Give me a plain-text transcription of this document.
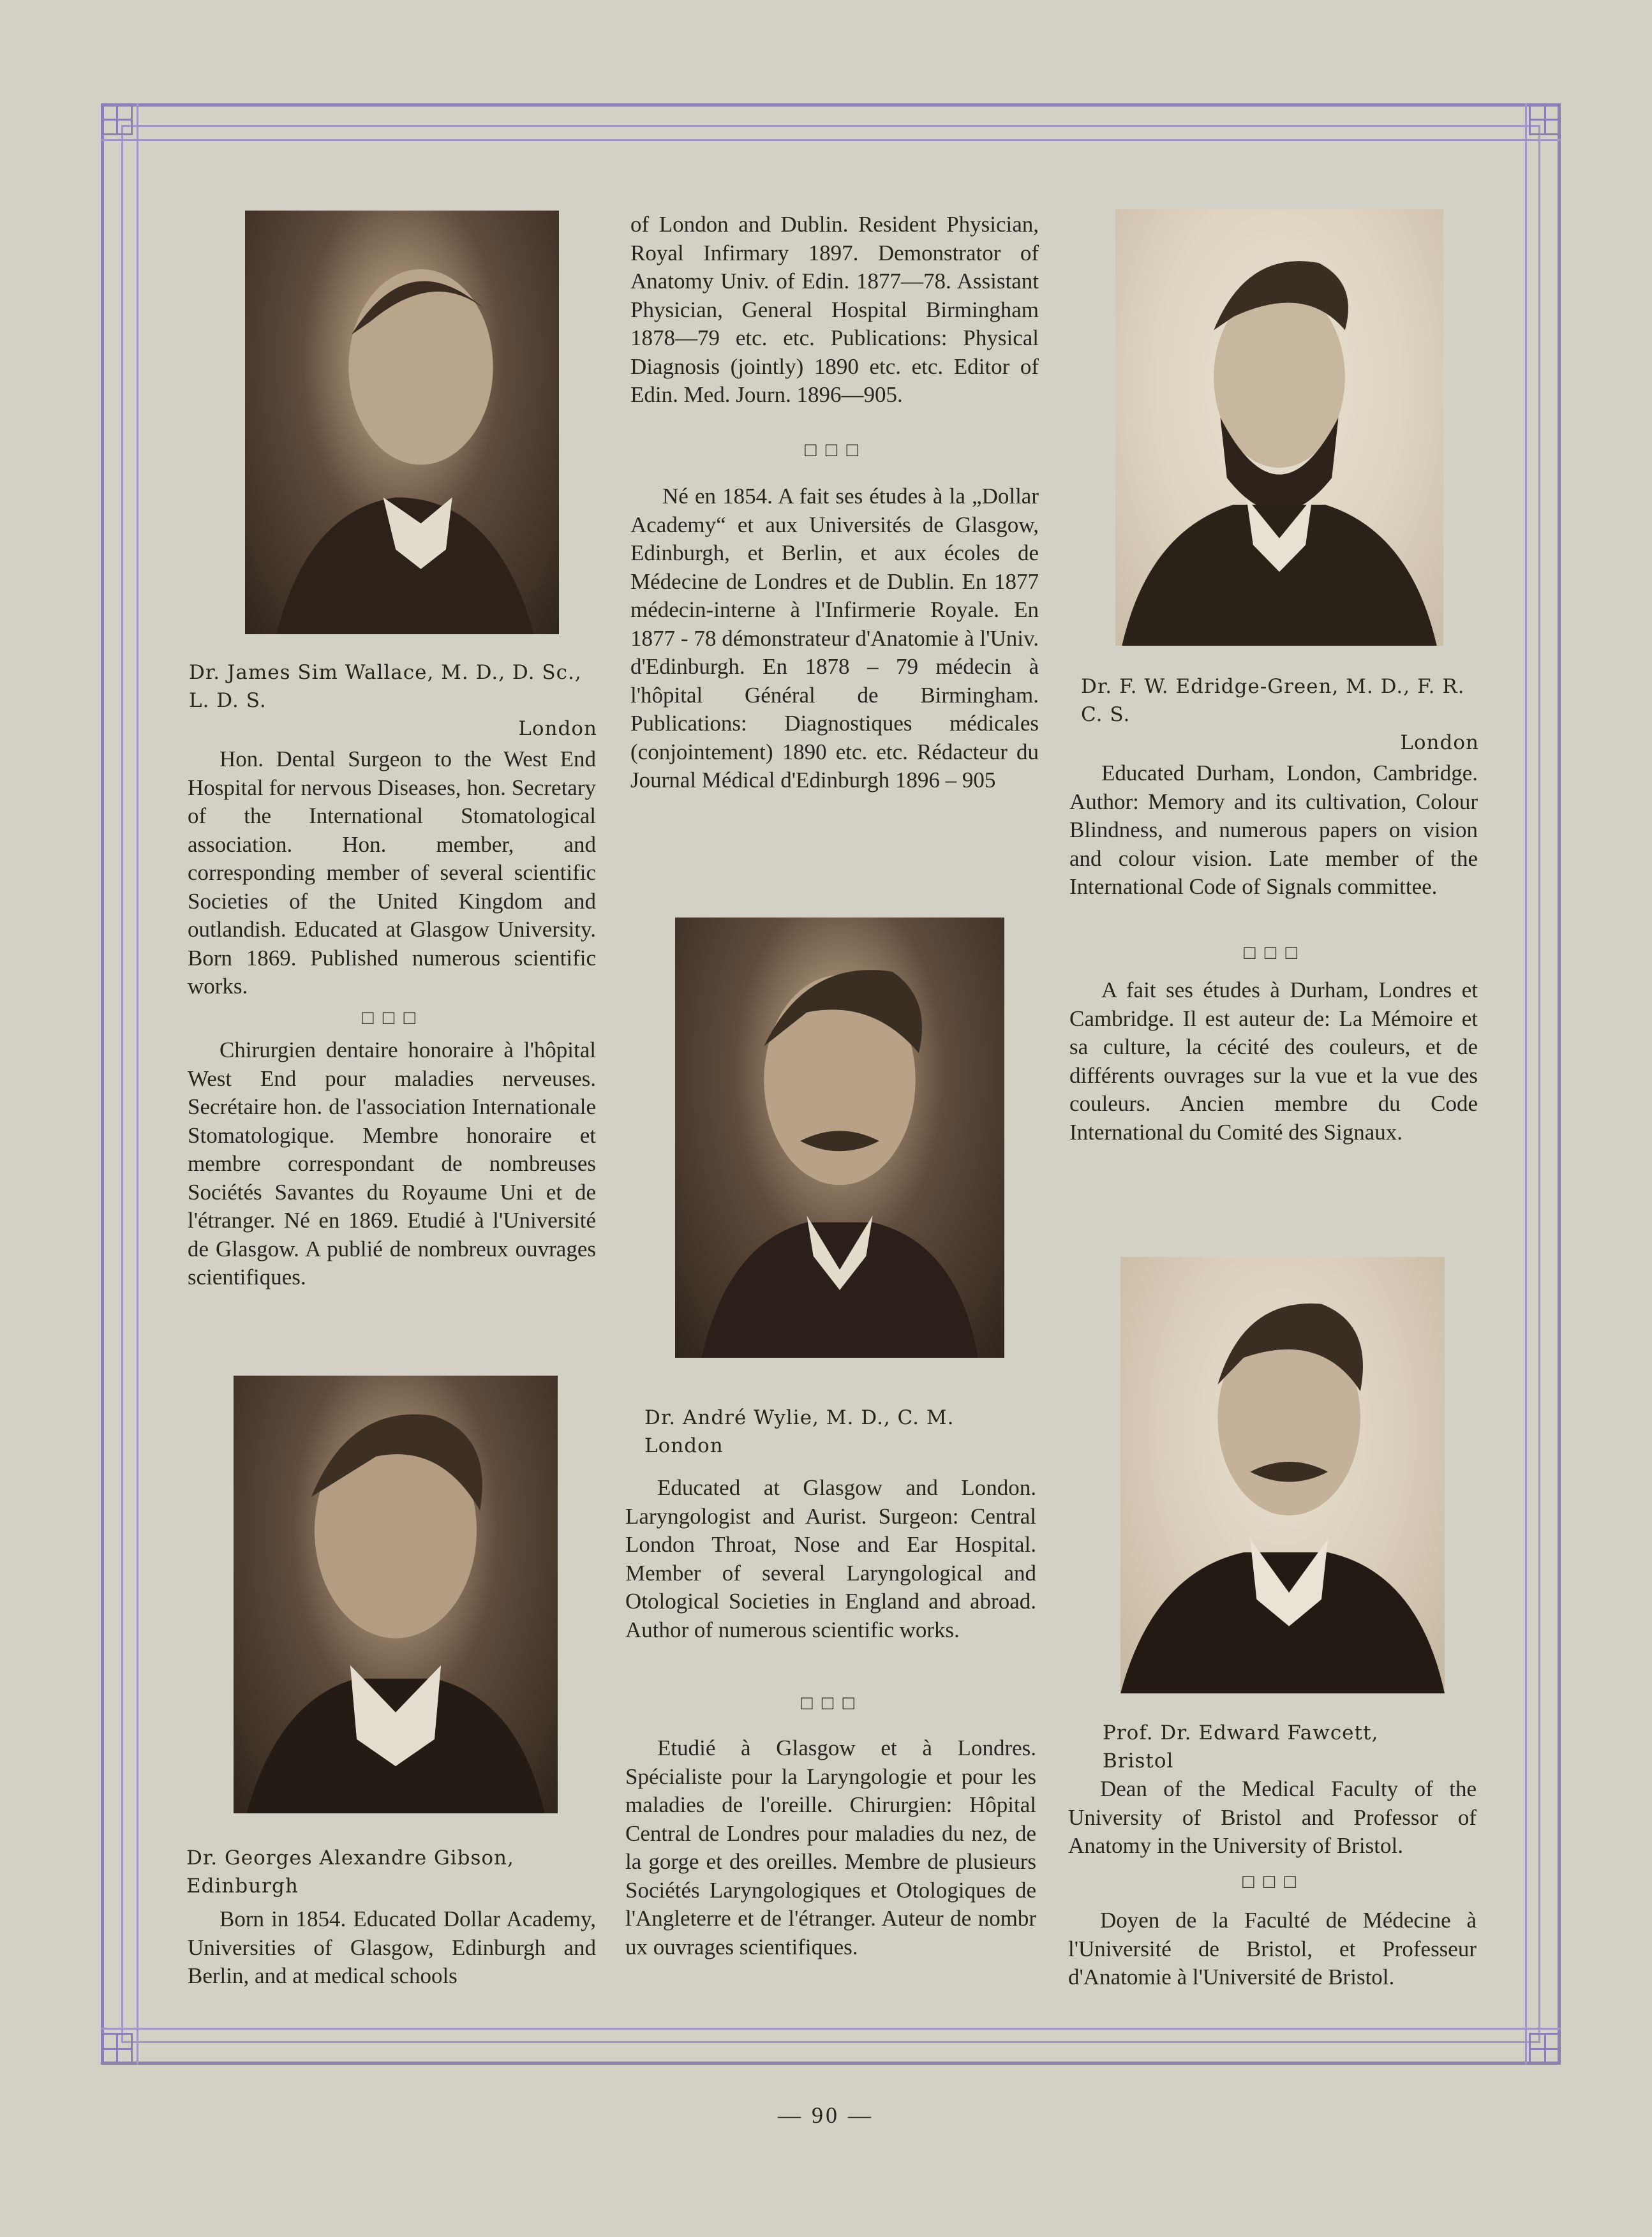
Dr. James Sim Wallace, M. D., D. Sc., L. D. S.
London

Hon. Dental Surgeon to the West End Hospital for nervous Diseases, hon. Secretary of the International Stomatological association. Hon. member, and corresponding member of several scientific Societies of the United Kingdom and outlandish. Educated at Glasgow University. Born 1869. Published numerous scientific works.

□□□

Chirurgien dentaire honoraire à l'hôpital West End pour maladies nerveuses. Secrétaire hon. de l'association Internationale Stomatologique. Membre honoraire et membre correspondant de nombreuses Sociétés Savantes du Royaume Uni et de l'étranger. Né en 1869. Etudié à l'Université de Glasgow. A publié de nombreux ouvrages scientifiques.

Dr. Georges Alexandre Gibson, Edinburgh

Born in 1854. Educated Dollar Academy, Universities of Glasgow, Edinburgh and Berlin, and at medical schools

of London and Dublin. Resident Physician, Royal Infirmary 1897. Demonstrator of Anatomy Univ. of Edin. 1877—78. Assistant Physician, General Hospital Birmingham 1878—79 etc. etc. Publications: Physical Diagnosis (jointly) 1890 etc. etc. Editor of Edin. Med. Journ. 1896—905.

□□□

Né en 1854. A fait ses études à la „Dollar Academy“ et aux Universités de Glasgow, Edinburgh, et Berlin, et aux écoles de Médecine de Londres et de Dublin. En 1877 médecin-interne à l'Infirmerie Royale. En 1877 - 78 démonstrateur d'Anatomie à l'Univ. d'Edinburgh. En 1878 – 79 médecin à l'hôpital Général de Birmingham. Publications: Diagnostiques médicales (conjointement) 1890 etc. etc. Rédacteur du Journal Médical d'Edinburgh 1896 – 905

Dr. André Wylie, M. D., C. M. London

Educated at Glasgow and London. Laryngologist and Aurist. Surgeon: Central London Throat, Nose and Ear Hospital. Member of several Laryngological and Otological Societies in England and abroad. Author of numerous scientific works.

□□□

Etudié à Glasgow et à Londres. Spécialiste pour la Laryngologie et pour les maladies de l'oreille. Chirurgien: Hôpital Central de Londres pour maladies du nez, de la gorge et des oreilles. Membre de plusieurs Sociétés Laryngologiques et Otologiques de l'Angleterre et de l'étranger. Auteur de nombr ux ouvrages scientifiques.

Dr. F. W. Edridge-Green, M. D., F. R. C. S.
London

Educated Durham, London, Cambridge. Author: Memory and its cultivation, Colour Blindness, and numerous papers on vision and colour vision. Late member of the International Code of Signals committee.

□□□

A fait ses études à Durham, Londres et Cambridge. Il est auteur de: La Mémoire et sa culture, la cécité des couleurs, et de différents ouvrages sur la vue et la vue des couleurs. Ancien membre du Code International du Comité des Signaux.

Prof. Dr. Edward Fawcett, Bristol

Dean of the Medical Faculty of the University of Bristol and Professor of Anatomy in the University of Bristol.

□□□

Doyen de la Faculté de Médecine à l'Université de Bristol, et Professeur d'Anatomie à l'Université de Bristol.

— 90 —
